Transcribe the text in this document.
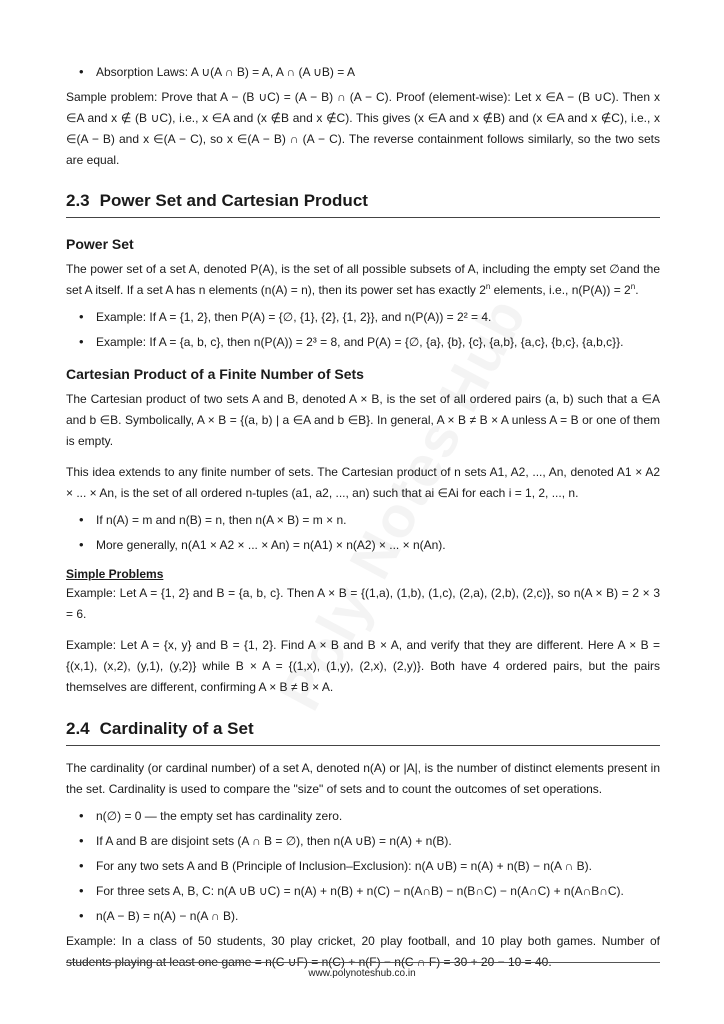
• Absorption Laws: A ∪(A ∩ B) = A, A ∩ (A ∪B) = A

Sample problem: Prove that A − (B ∪C) = (A − B) ∩ (A − C). Proof (element-wise): Let x ∈A − (B ∪C). Then x ∈A and x ∉ (B ∪C), i.e., x ∈A and (x ∉B and x ∉C). This gives (x ∈A and x ∉B) and (x ∈A and x ∉C), i.e., x ∈(A − B) and x ∈(A − C), so x ∈(A − B) ∩ (A − C). The reverse containment follows similarly, so the two sets are equal.

2.3 Power Set and Cartesian Product
Power Set

The power set of a set A, denoted P(A), is the set of all possible subsets of A, including the empty set ∅and the set A itself. If a set A has n elements (n(A) = n), then its power set has exactly 2$^n$ elements, i.e., $n(P(A)) = 2^n$.

• Example: If A = {1, 2}, then P(A) = {∅, {1}, {2}, {1, 2}}, and n(P(A)) = 2² = 4.
• Example: If A = {a, b, c}, then n(P(A)) = 2³ = 8, and P(A) = {∅, {a}, {b}, {c}, {a,b}, {a,c}, {b,c}, {a,b,c}}.
Cartesian Product of a Finite Number of Sets

The Cartesian product of two sets A and B, denoted A × B, is the set of all ordered pairs (a, b) such that a ∈A and b ∈B. Symbolically, A × B = {(a, b) | a ∈A and b ∈B}. In general, A × B ≠ B × A unless A = B or one of them is empty.

This idea extends to any finite number of sets. The Cartesian product of n sets A1, A2, ..., An, denoted A1 × A2 × ... × An, is the set of all ordered n-tuples (a1, a2, ..., an) such that ai ∈Ai for each i = 1, 2, ..., n.

• If n(A) = m and n(B) = n, then n(A × B) = m × n.
• More generally, n(A1 × A2 × ... × An) = n(A1) × n(A2) × ... × n(An).
Simple Problems

Example: Let A = {1, 2} and B = {a, b, c}. Then A × B = {(1,a), (1,b), (1,c), (2,a), (2,b), (2,c)}, so n(A × B) = 2 × 3 = 6.

Example: Let A = {x, y} and B = {1, 2}. Find A × B and B × A, and verify that they are different. Here A × B = {(x,1), (x,2), (y,1), (y,2)} while B × A = {(1,x), (1,y), (2,x), (2,y)}. Both have 4 ordered pairs, but the pairs themselves are different, confirming A × B ≠ B × A.

2.4 Cardinality of a Set

The cardinality (or cardinal number) of a set A, denoted n(A) or |A|, is the number of distinct elements present in the set. Cardinality is used to compare the "size" of sets and to count the outcomes of set operations.

• n(∅) = 0 — the empty set has cardinality zero.
• If A and B are disjoint sets (A ∩ B = ∅), then n(A ∪B) = n(A) + n(B).
• For any two sets A and B (Principle of Inclusion–Exclusion): n(A ∪B) = n(A) + n(B) − n(A ∩ B).
• For three sets A, B, C: n(A ∪B ∪C) = n(A) + n(B) + n(C) − n(A∩B) − n(B∩C) − n(A∩C) + n(A∩B∩C).
• n(A − B) = n(A) − n(A ∩ B).

Example: In a class of 50 students, 30 play cricket, 20 play football, and 10 play both games. Number of students playing at least one game = n(C ∪F) = n(C) + n(F) − n(C ∩ F) = 30 + 20 − 10 = 40.

www.polynoteshub.co.in
